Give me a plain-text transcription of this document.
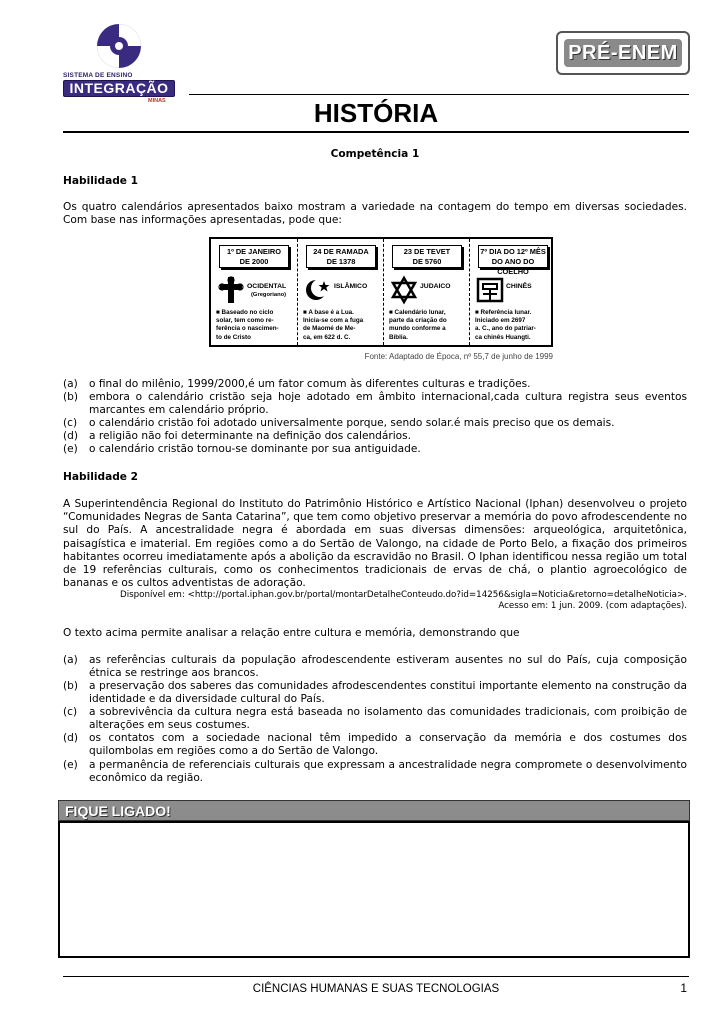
SISTEMA DE ENSINO
INTEGRAÇÃO
MINAS
PRÉ-ENEM
HISTÓRIA
Competência 1
Habilidade 1
Os quatro calendários apresentados baixo mostram a variedade na contagem do tempo em diversas sociedades. Com base nas informações apresentadas, pode que:
1º DE JANEIRO
DE 2000
OCIDENTAL
(Gregoriano)
■ Baseado no ciclo
solar, tem como re-
ferência o nascimen-
to de Cristo
24 DE RAMADA
DE 1378
ISLÂMICO
■ A base é a Lua.
Inicia-se com a fuga
de Maomé de Me-
ca, em 622 d. C.
23 DE TEVET
DE 5760
JUDAICO
■ Calendário lunar,
parte da criação do
mundo conforme a
Bíblia.
7º DIA DO 12º MÊS
DO ANO DO COELHO
CHINÊS
■ Referência lunar.
Iniciado em 2697
a. C., ano do patriar-
ca chinês Huangti.
Fonte: Adaptado de Época, nº 55,7 de junho de 1999
(a)	o final do milênio, 1999/2000,é um fator comum às diferentes culturas e tradições.
(b)	embora o calendário cristão seja hoje adotado em âmbito internacional,cada cultura registra seus eventos marcantes em calendário próprio.
(c)	o calendário cristão foi adotado universalmente porque, sendo solar.é mais preciso que os demais.
(d)	a religião não foi determinante na definição dos calendários.
(e)	o calendário cristão tornou-se dominante por sua antiguidade.
Habilidade 2
A Superintendência Regional do Instituto do Patrimônio Histórico e Artístico Nacional (Iphan) desenvolveu o projeto “Comunidades Negras de Santa Catarina”, que tem como objetivo preservar a memória do povo afrodescendente no sul do País. A ancestralidade negra é abordada em suas diversas dimensões: arqueológica, arquitetônica, paisagística e imaterial. Em regiões como a do Sertão de Valongo, na cidade de Porto Belo, a fixação dos primeiros habitantes ocorreu imediatamente após a abolição da escravidão no Brasil. O Iphan identificou nessa região um total de 19 referências culturais, como os conhecimentos tradicionais de ervas de chá, o plantio agroecológico de bananas e os cultos adventistas de adoração.
Disponível em: <http://portal.iphan.gov.br/portal/montarDetalheConteudo.do?id=14256&sigla=Noticia&retorno=detalheNoticia>.
Acesso em: 1 jun. 2009. (com adaptações).
O texto acima permite analisar a relação entre cultura e memória, demonstrando que
(a)	as referências culturais da população afrodescendente estiveram ausentes no sul do País, cuja composição étnica se restringe aos brancos.
(b)	a preservação dos saberes das comunidades afrodescendentes constitui importante elemento na construção da identidade e da diversidade cultural do País.
(c)	a sobrevivência da cultura negra está baseada no isolamento das comunidades tradicionais, com proibição de alterações em seus costumes.
(d)	os contatos com a sociedade nacional têm impedido a conservação da memória e dos costumes dos quilombolas em regiões como a do Sertão de Valongo.
(e)	a permanência de referenciais culturais que expressam a ancestralidade negra compromete o desenvolvimento econômico da região.
FIQUE LIGADO!
CIÊNCIAS HUMANAS E SUAS TECNOLOGIAS	1
